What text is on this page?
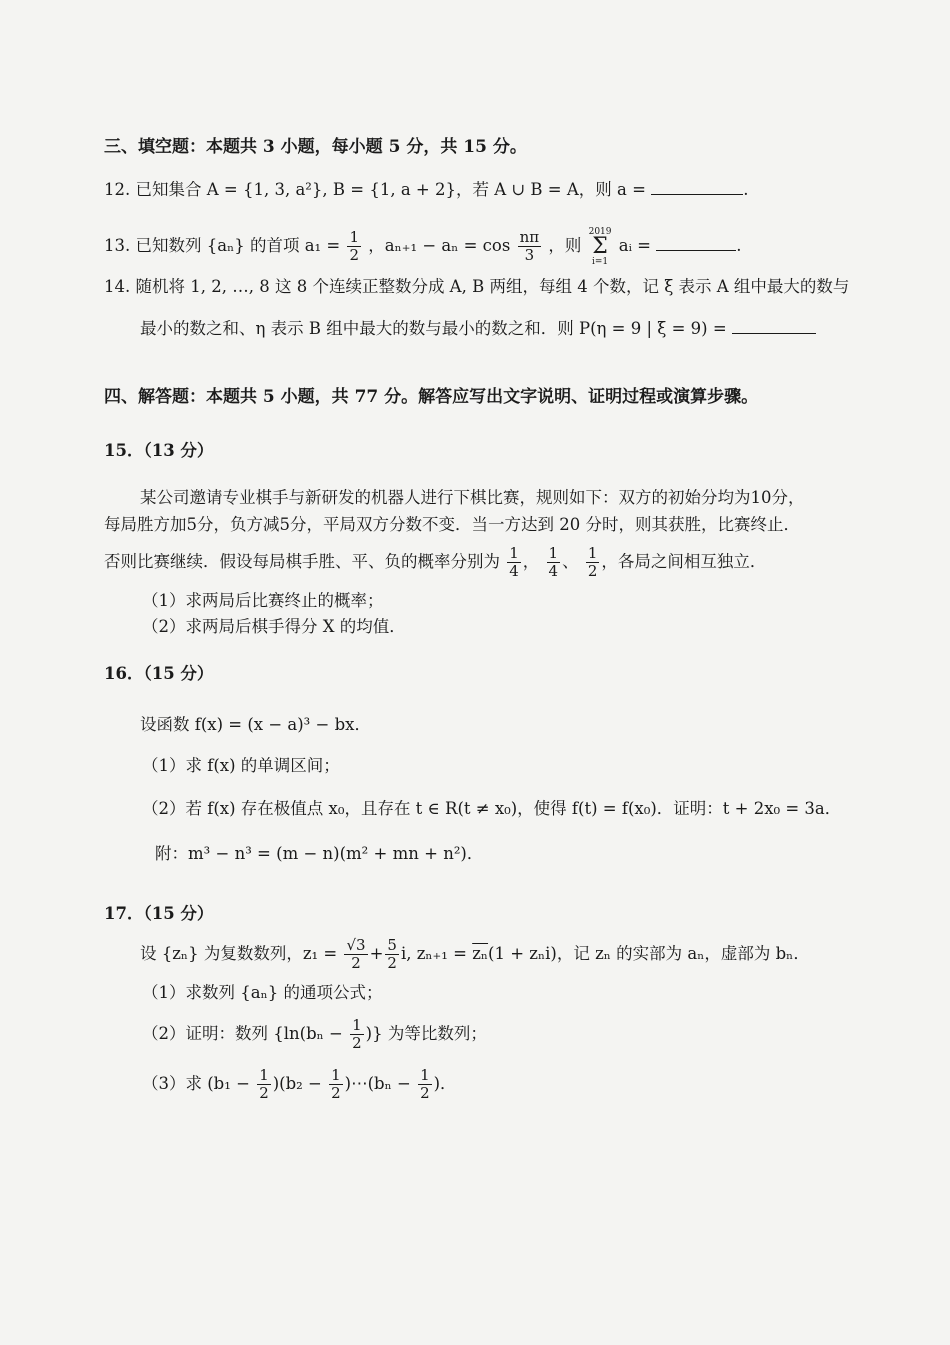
三、填空题：本题共 3 小题，每小题 5 分，共 15 分。
12. 已知集合 A = {1, 3, a²}, B = {1, a + 2}，若 A ∪ B = A，则 a =	.
13. 已知数列 {aₙ} 的首项 $a_1 = \frac{1}{2}$ ，$a_{n+1} - a_n = \cos \frac{n\pi}{3}$ ，则 2019
Σ
i=1 aᵢ =	.
14. 随机将 1, 2, …, 8 这 8 个连续正整数分成 A, B 两组，每组 4 个数，记 ξ 表示 A 组中最大的数与
最小的数之和、η 表示 B 组中最大的数与最小的数之和．则 P(η = 9 | ξ = 9) =
四、解答题：本题共 5 小题，共 77 分。解答应写出文字说明、证明过程或演算步骤。
15．（13 分）
某公司邀请专业棋手与新研发的机器人进行下棋比赛，规则如下：双方的初始分均为10分，
每局胜方加5分，负方减5分，平局双方分数不变．当一方达到 20 分时，则其获胜，比赛终止．
否则比赛继续．假设每局棋手胜、平、负的概率分别为 $\frac{1}{4}$ ， $\frac{1}{4}$ 、 $\frac{1}{2}$ ，各局之间相互独立．
（1）求两局后比赛终止的概率；
（2）求两局后棋手得分 X 的均值．
16．（15 分）
设函数 f(x) = (x − a)³ − bx．
（1）求 f(x) 的单调区间；
（2）若 f(x) 存在极值点 x₀，且存在 t ∈ R(t ≠ x₀)，使得 f(t) = f(x₀)．证明：t + 2x₀ = 3a．
附：m³ − n³ = (m − n)(m² + mn + n²)．
17．（15 分）
设 {zₙ} 为复数数列，$z_1 = \frac{√3}{2} + \frac{5}{2} i$, $z_{n+1} = \overline{z_n}(1 + z_ni)$，记 zₙ 的实部为 aₙ，虚部为 bₙ．
（1）求数列 {aₙ} 的通项公式；
（2）证明：数列 {$\ln(b_n - \frac{1}{2}$ )} 为等比数列；
（3）求 $(b_1 - \frac{1}{2} )(b_2 - \frac{1}{2}$ )⋯(bₙ − $\frac{1}{2}$ )．
